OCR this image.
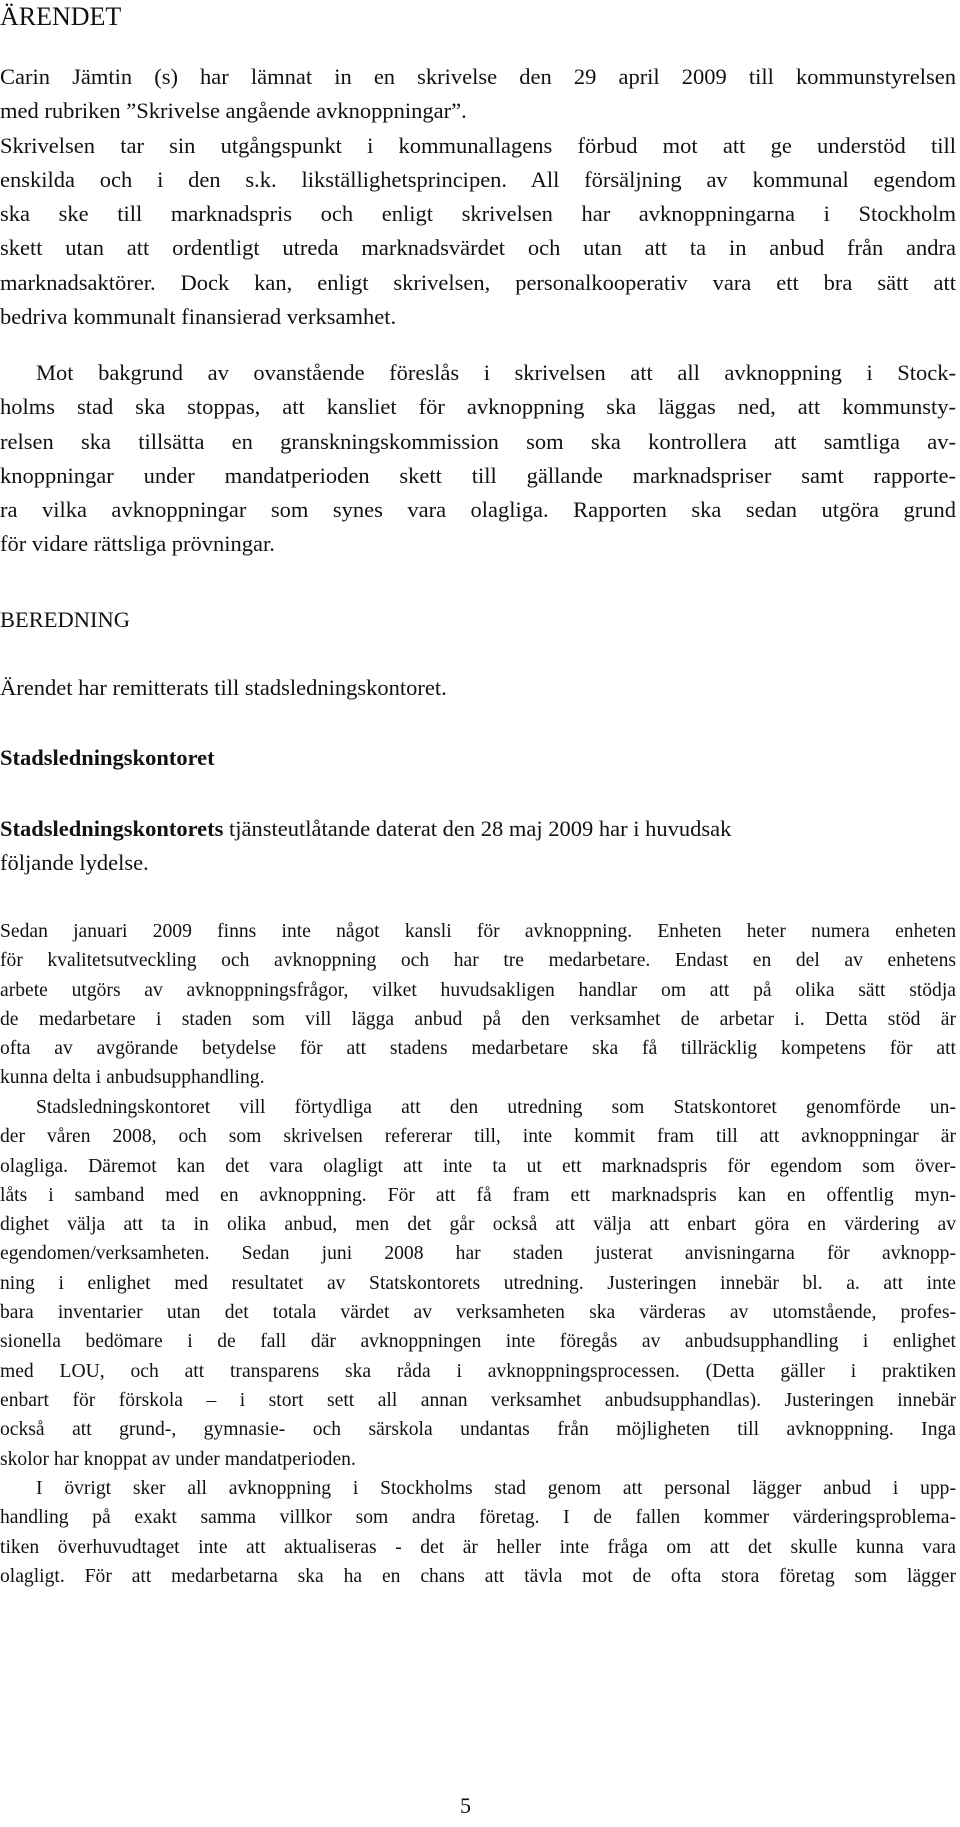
ÄRENDET
Carin Jämtin (s) har lämnat in en skrivelse den 29 april 2009 till kommunstyrelsen
med rubriken ”Skrivelse angående avknoppningar”.
Skrivelsen tar sin utgångspunkt i kommunallagens förbud mot att ge understöd till
enskilda och i den s.k. likställighetsprincipen. All försäljning av kommunal egendom
ska ske till marknadspris och enligt skrivelsen har avknoppningarna i Stockholm
skett utan att ordentligt utreda marknadsvärdet och utan att ta in anbud från andra
marknadsaktörer. Dock kan, enligt skrivelsen, personalkooperativ vara ett bra sätt att
bedriva kommunalt finansierad verksamhet.
Mot bakgrund av ovanstående föreslås i skrivelsen att all avknoppning i Stock-
holms stad ska stoppas, att kansliet för avknoppning ska läggas ned, att kommunsty-
relsen ska tillsätta en granskningskommission som ska kontrollera att samtliga av-
knoppningar under mandatperioden skett till gällande marknadspriser samt rapporte-
ra vilka avknoppningar som synes vara olagliga. Rapporten ska sedan utgöra grund
för vidare rättsliga prövningar.
BEREDNING
Ärendet har remitterats till stadsledningskontoret.
Stadsledningskontoret
Stadsledningskontorets tjänsteutlåtande daterat den 28 maj 2009 har i huvudsak
följande lydelse.
Sedan januari 2009 finns inte något kansli för avknoppning. Enheten heter numera enheten
för kvalitetsutveckling och avknoppning och har tre medarbetare. Endast en del av enhetens
arbete utgörs av avknoppningsfrågor, vilket huvudsakligen handlar om att på olika sätt stödja
de medarbetare i staden som vill lägga anbud på den verksamhet de arbetar i. Detta stöd är
ofta av avgörande betydelse för att stadens medarbetare ska få tillräcklig kompetens för att
kunna delta i anbudsupphandling.
Stadsledningskontoret vill förtydliga att den utredning som Statskontoret genomförde un-
der våren 2008, och som skrivelsen refererar till, inte kommit fram till att avknoppningar är
olagliga. Däremot kan det vara olagligt att inte ta ut ett marknadspris för egendom som över-
låts i samband med en avknoppning. För att få fram ett marknadspris kan en offentlig myn-
dighet välja att ta in olika anbud, men det går också att välja att enbart göra en värdering av
egendomen/verksamheten. Sedan juni 2008 har staden justerat anvisningarna för avknopp-
ning i enlighet med resultatet av Statskontorets utredning. Justeringen innebär bl. a. att inte
bara inventarier utan det totala värdet av verksamheten ska värderas av utomstående, profes-
sionella bedömare i de fall där avknoppningen inte föregås av anbudsupphandling i enlighet
med LOU, och att transparens ska råda i avknoppningsprocessen. (Detta gäller i praktiken
enbart för förskola – i stort sett all annan verksamhet anbudsupphandlas). Justeringen innebär
också att grund-, gymnasie- och särskola undantas från möjligheten till avknoppning. Inga
skolor har knoppat av under mandatperioden.
I övrigt sker all avknoppning i Stockholms stad genom att personal lägger anbud i upp-
handling på exakt samma villkor som andra företag. I de fallen kommer värderingsproblema-
tiken överhuvudtaget inte att aktualiseras - det är heller inte fråga om att det skulle kunna vara
olagligt. För att medarbetarna ska ha en chans att tävla mot de ofta stora företag som lägger
5
